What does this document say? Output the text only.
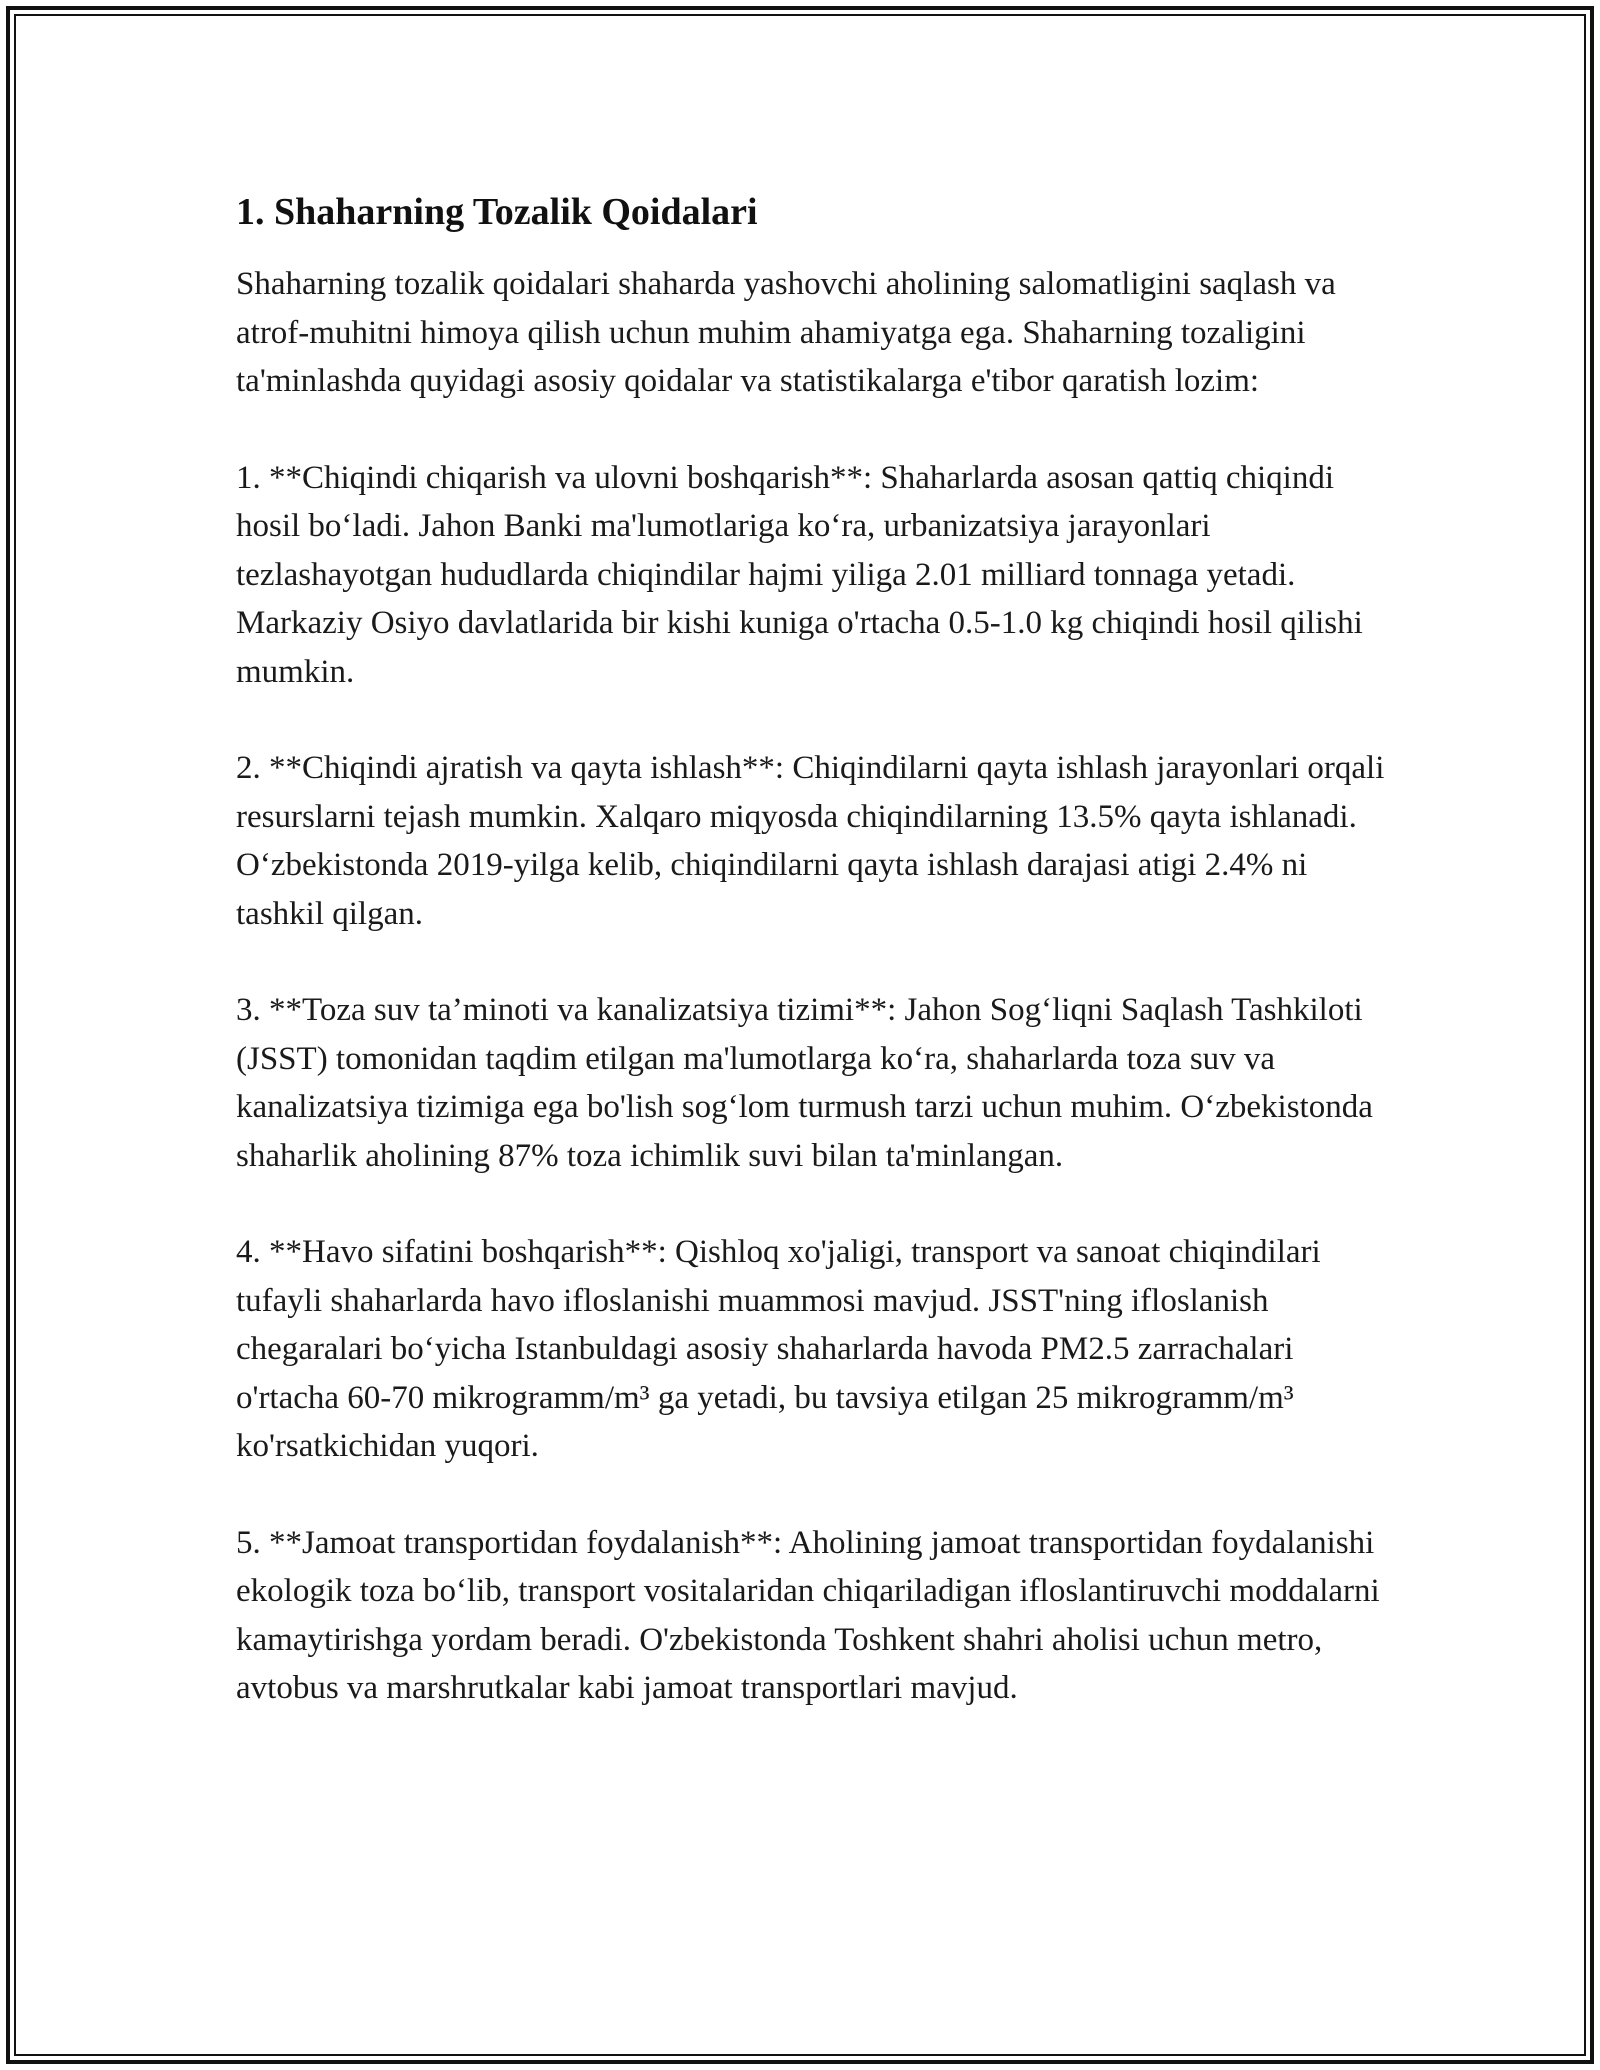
1. Shaharning Tozalik Qoidalari

Shaharning tozalik qoidalari shaharda yashovchi aholining salomatligini saqlash va atrof-muhitni himoya qilish uchun muhim ahamiyatga ega. Shaharning tozaligini ta'minlashda quyidagi asosiy qoidalar va statistikalarga e'tibor qaratish lozim:

1. **Chiqindi chiqarish va ulovni boshqarish**: Shaharlarda asosan qattiq chiqindi hosil bo‘ladi. Jahon Banki ma'lumotlariga ko‘ra, urbanizatsiya jarayonlari tezlashayotgan hududlarda chiqindilar hajmi yiliga 2.01 milliard tonnaga yetadi. Markaziy Osiyo davlatlarida bir kishi kuniga o'rtacha 0.5-1.0 kg chiqindi hosil qilishi mumkin.

2. **Chiqindi ajratish va qayta ishlash**: Chiqindilarni qayta ishlash jarayonlari orqali resurslarni tejash mumkin. Xalqaro miqyosda chiqindilarning 13.5% qayta ishlanadi. O‘zbekistonda 2019-yilga kelib, chiqindilarni qayta ishlash darajasi atigi 2.4% ni tashkil qilgan.

3. **Toza suv ta’minoti va kanalizatsiya tizimi**: Jahon Sog‘liqni Saqlash Tashkiloti (JSST) tomonidan taqdim etilgan ma'lumotlarga ko‘ra, shaharlarda toza suv va kanalizatsiya tizimiga ega bo'lish sog‘lom turmush tarzi uchun muhim. O‘zbekistonda shaharlik aholining 87% toza ichimlik suvi bilan ta'minlangan.

4. **Havo sifatini boshqarish**: Qishloq xo'jaligi, transport va sanoat chiqindilari tufayli shaharlarda havo ifloslanishi muammosi mavjud. JSST'ning ifloslanish chegaralari bo‘yicha Istanbuldagi asosiy shaharlarda havoda PM2.5 zarrachalari o'rtacha 60-70 mikrogramm/m³ ga yetadi, bu tavsiya etilgan 25 mikrogramm/m³ ko'rsatkichidan yuqori.

5. **Jamoat transportidan foydalanish**: Aholining jamoat transportidan foydalanishi ekologik toza bo‘lib, transport vositalaridan chiqariladigan ifloslantiruvchi moddalarni kamaytirishga yordam beradi. O'zbekistonda Toshkent shahri aholisi uchun metro, avtobus va marshrutkalar kabi jamoat transportlari mavjud.
